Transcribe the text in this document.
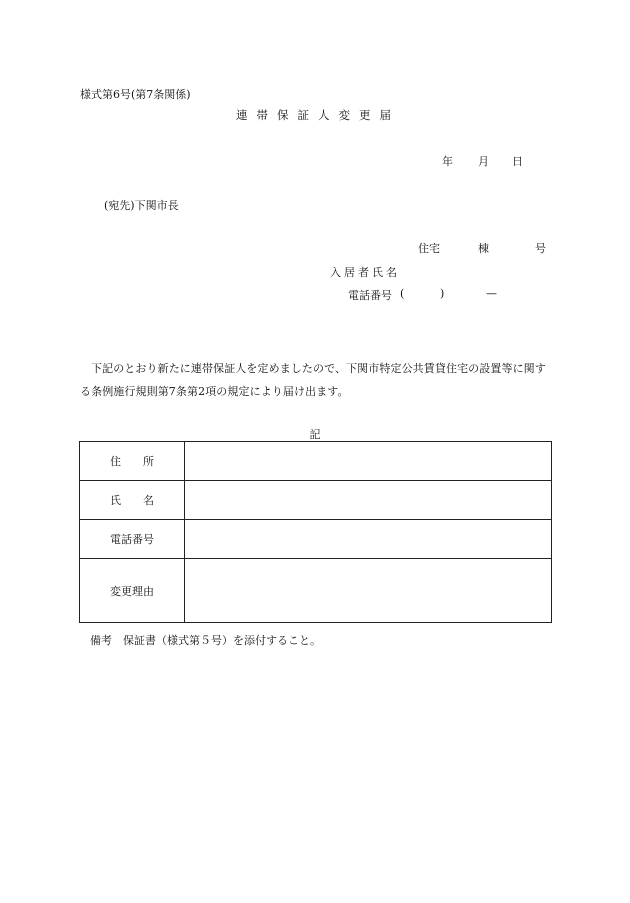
様式第6号(第7条関係)
連帯保証人変更届
年 月 日
(宛先)下関市長
住宅	棟	号
入居者氏名
電話番号 (	)	—
下記のとおり新たに連帯保証人を定めましたので、下関市特定公共賃貸住宅の設置等に関する条例施行規則第7条第2項の規定により届け出ます。
記
住　　所	
氏　　名	
電話番号	
変更理由	
備考　保証書（様式第５号）を添付すること。
